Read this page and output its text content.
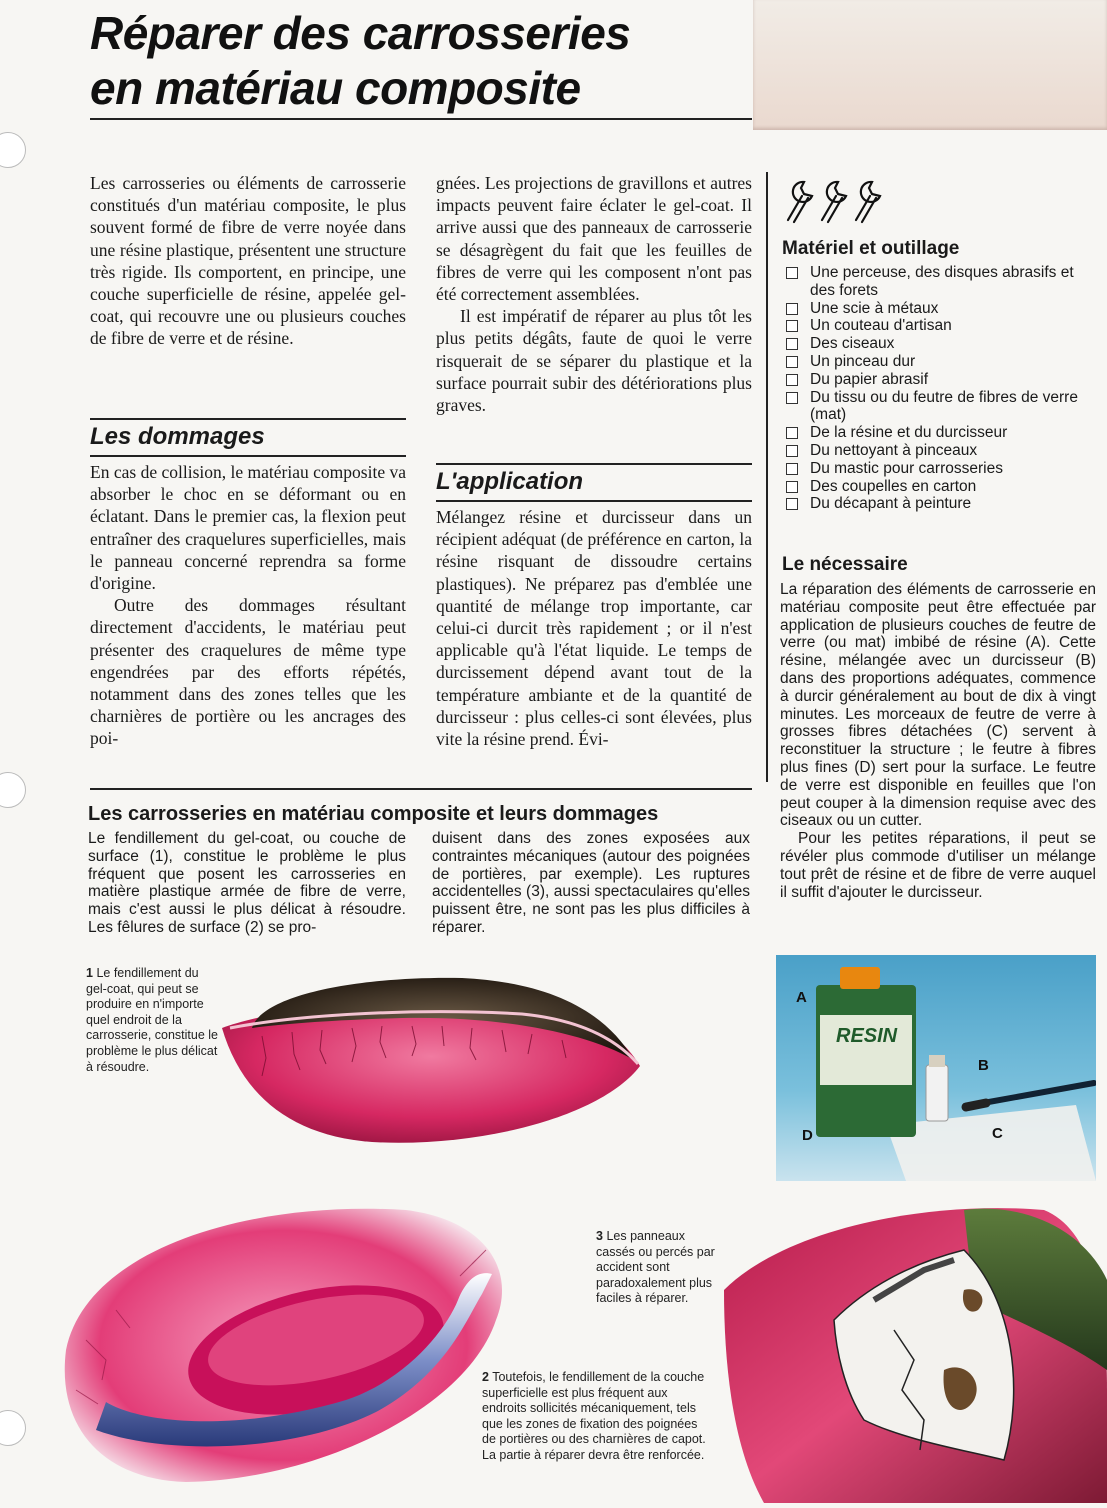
Réparer des carrosseries
en matériau composite

Les carrosseries ou éléments de carrosserie constitués d'un matériau composite, le plus souvent formé de fibre de verre noyée dans une résine plastique, présentent une structure très rigide. Ils comportent, en principe, une couche superficielle de résine, appelée gel-coat, qui recouvre une ou plusieurs couches de fibre de verre et de résine.

Les dommages

En cas de collision, le matériau composite va absorber le choc en se déformant ou en éclatant. Dans le premier cas, la flexion peut entraîner des craquelures superficielles, mais le panneau concerné reprendra sa forme d'origine.

Outre des dommages résultant directement d'accidents, le matériau peut présenter des craquelures de même type engendrées par des efforts répétés, notamment dans des zones telles que les charnières de portière ou les ancrages des poi-

gnées. Les projections de gravillons et autres impacts peuvent faire éclater le gel-coat. Il arrive aussi que des panneaux de carrosserie se désagrègent du fait que les feuilles de fibres de verre qui les composent n'ont pas été correctement assemblées.

Il est impératif de réparer au plus tôt les plus petits dégâts, faute de quoi le verre risquerait de se séparer du plastique et la surface pourrait subir des détériorations plus graves.

L'application

Mélangez résine et durcisseur dans un récipient adéquat (de préférence en carton, la résine risquant de dissoudre certains plastiques). Ne préparez pas d'emblée une quantité de mélange trop importante, car celui-ci durcit très rapidement ; or il n'est applicable qu'à l'état liquide. Le temps de durcissement dépend avant tout de la température ambiante et de la quantité de durcisseur : plus celles-ci sont élevées, plus vite la résine prend. Évi-

Matériel et outillage
Une perceuse, des disques abrasifs et des forets
Une scie à métaux
Un couteau d'artisan
Des ciseaux
Un pinceau dur
Du papier abrasif
Du tissu ou du feutre de fibres de verre (mat)
De la résine et du durcisseur
Du nettoyant à pinceaux
Du mastic pour carrosseries
Des coupelles en carton
Du décapant à peinture
Le nécessaire

La réparation des éléments de carrosserie en matériau composite peut être effectuée par application de plusieurs couches de feutre de verre (ou mat) imbibé de résine (A). Cette résine, mélangée avec un durcisseur (B) dans des proportions adéquates, commence à durcir généralement au bout de dix à vingt minutes. Les morceaux de feutre de verre à grosses fibres détachées (C) servent à reconstituer la structure ; le feutre à fibres plus fines (D) sert pour la surface. Le feutre de verre est disponible en feuilles que l'on peut couper à la dimension requise avec des ciseaux ou un cutter.

Pour les petites réparations, il peut se révéler plus commode d'utiliser un mélange tout prêt de résine et de fibre de verre auquel il suffit d'ajouter le durcisseur.

Les carrosseries en matériau composite et leurs dommages
Le fendillement du gel-coat, ou couche de surface (1), constitue le problème le plus fréquent que posent les carrosseries en matière plastique armée de fibre de verre, mais c'est aussi le plus délicat à résoudre. Les fêlures de surface (2) se pro-
duisent dans des zones exposées aux contraintes mécaniques (autour des poignées de portières, par exemple). Les ruptures accidentelles (3), aussi spectaculaires qu'elles puissent être, ne sont pas les plus difficiles à réparer.
1 Le fendillement du gel-coat, qui peut se produire en n'importe quel endroit de la carrosserie, constitue le problème le plus délicat à résoudre.
RESIN
A
B
C
D
3 Les panneaux cassés ou percés par accident sont paradoxalement plus faciles à réparer.
2 Toutefois, le fendillement de la couche superficielle est plus fréquent aux endroits sollicités mécaniquement, tels que les zones de fixation des poignées de portières ou des charnières de capot. La partie à réparer devra être renforcée.
